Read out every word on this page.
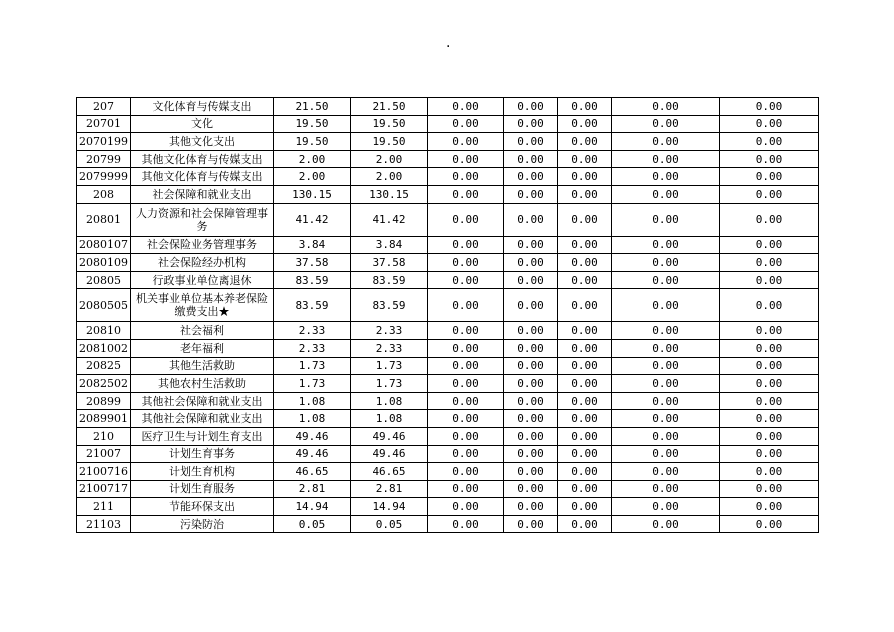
.
207	文化体育与传媒支出	21.50	21.50	0.00	0.00	0.00	0.00	0.00
20701	文化	19.50	19.50	0.00	0.00	0.00	0.00	0.00
2070199	其他文化支出	19.50	19.50	0.00	0.00	0.00	0.00	0.00
20799	其他文化体育与传媒支出	2.00	2.00	0.00	0.00	0.00	0.00	0.00
2079999	其他文化体育与传媒支出	2.00	2.00	0.00	0.00	0.00	0.00	0.00
208	社会保障和就业支出	130.15	130.15	0.00	0.00	0.00	0.00	0.00
20801	人力资源和社会保障管理事务	41.42	41.42	0.00	0.00	0.00	0.00	0.00
2080107	社会保险业务管理事务	3.84	3.84	0.00	0.00	0.00	0.00	0.00
2080109	社会保险经办机构	37.58	37.58	0.00	0.00	0.00	0.00	0.00
20805	行政事业单位离退休	83.59	83.59	0.00	0.00	0.00	0.00	0.00
2080505	机关事业单位基本养老保险缴费支出★	83.59	83.59	0.00	0.00	0.00	0.00	0.00
20810	社会福利	2.33	2.33	0.00	0.00	0.00	0.00	0.00
2081002	老年福利	2.33	2.33	0.00	0.00	0.00	0.00	0.00
20825	其他生活救助	1.73	1.73	0.00	0.00	0.00	0.00	0.00
2082502	其他农村生活救助	1.73	1.73	0.00	0.00	0.00	0.00	0.00
20899	其他社会保障和就业支出	1.08	1.08	0.00	0.00	0.00	0.00	0.00
2089901	其他社会保障和就业支出	1.08	1.08	0.00	0.00	0.00	0.00	0.00
210	医疗卫生与计划生育支出	49.46	49.46	0.00	0.00	0.00	0.00	0.00
21007	计划生育事务	49.46	49.46	0.00	0.00	0.00	0.00	0.00
2100716	计划生育机构	46.65	46.65	0.00	0.00	0.00	0.00	0.00
2100717	计划生育服务	2.81	2.81	0.00	0.00	0.00	0.00	0.00
211	节能环保支出	14.94	14.94	0.00	0.00	0.00	0.00	0.00
21103	污染防治	0.05	0.05	0.00	0.00	0.00	0.00	0.00
